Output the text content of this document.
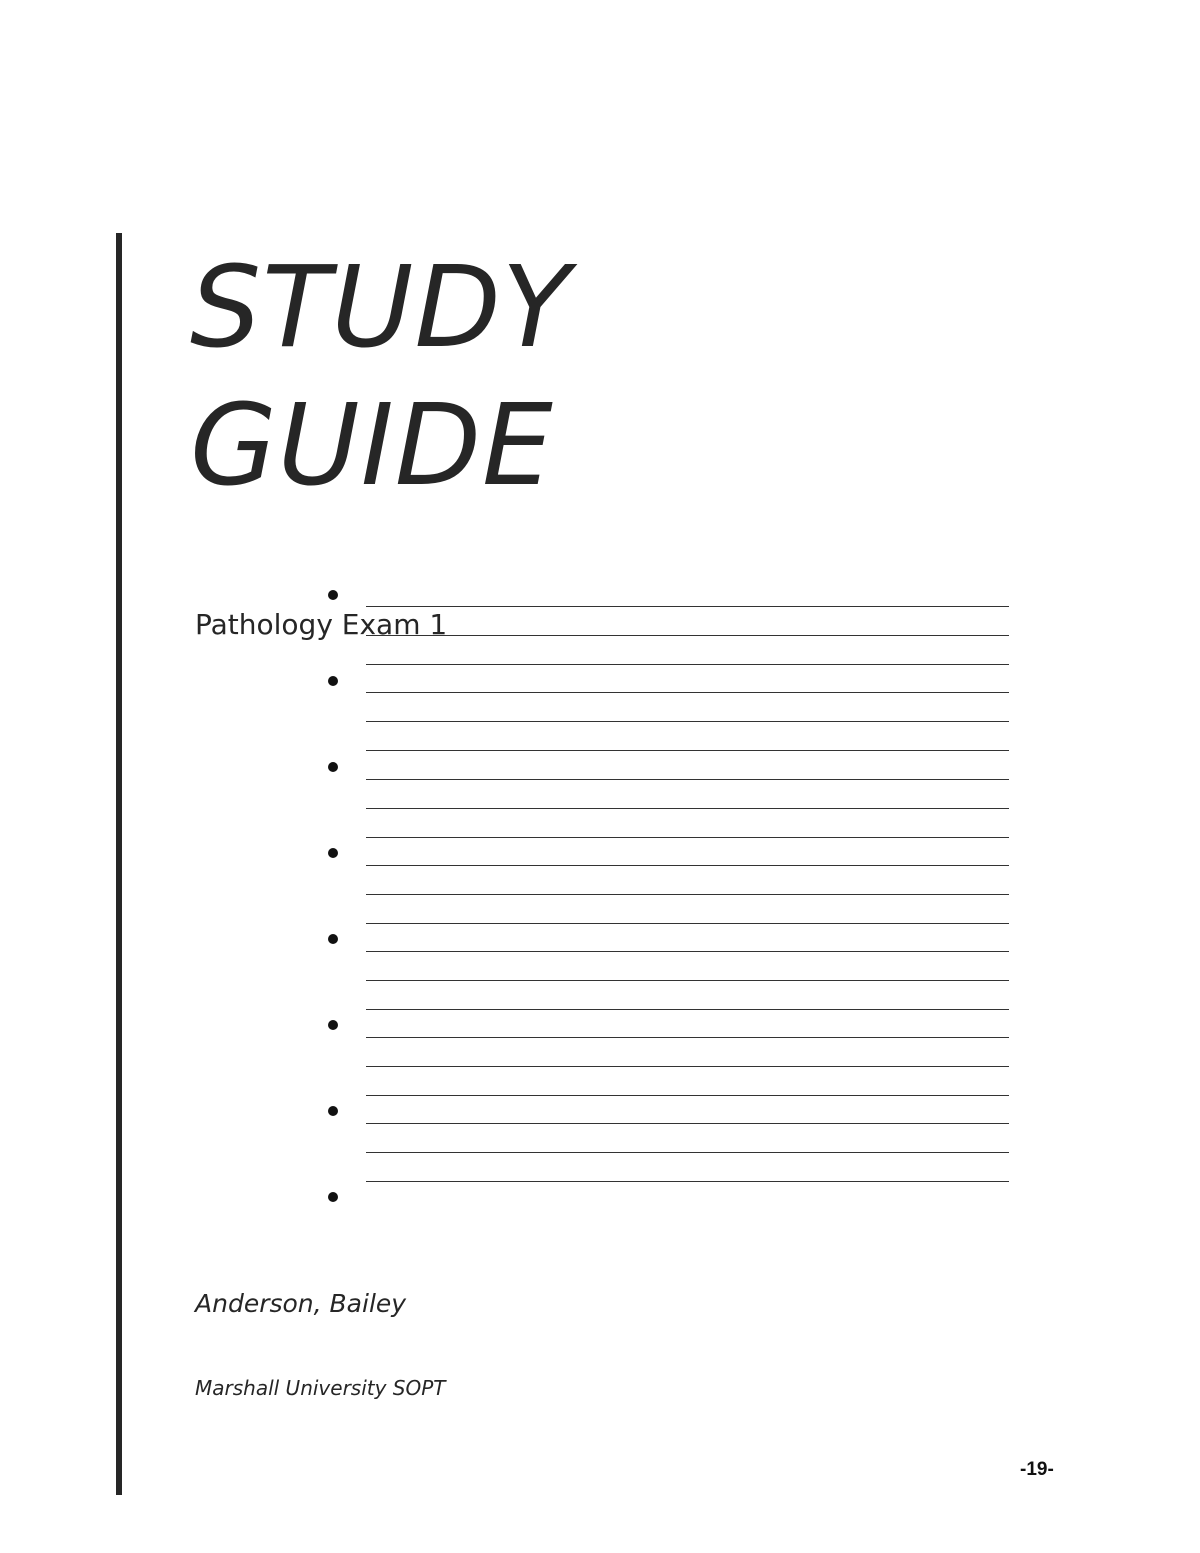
STUDY
GUIDE
Pathology Exam 1
Anderson, Bailey
Marshall University SOPT
-19-
